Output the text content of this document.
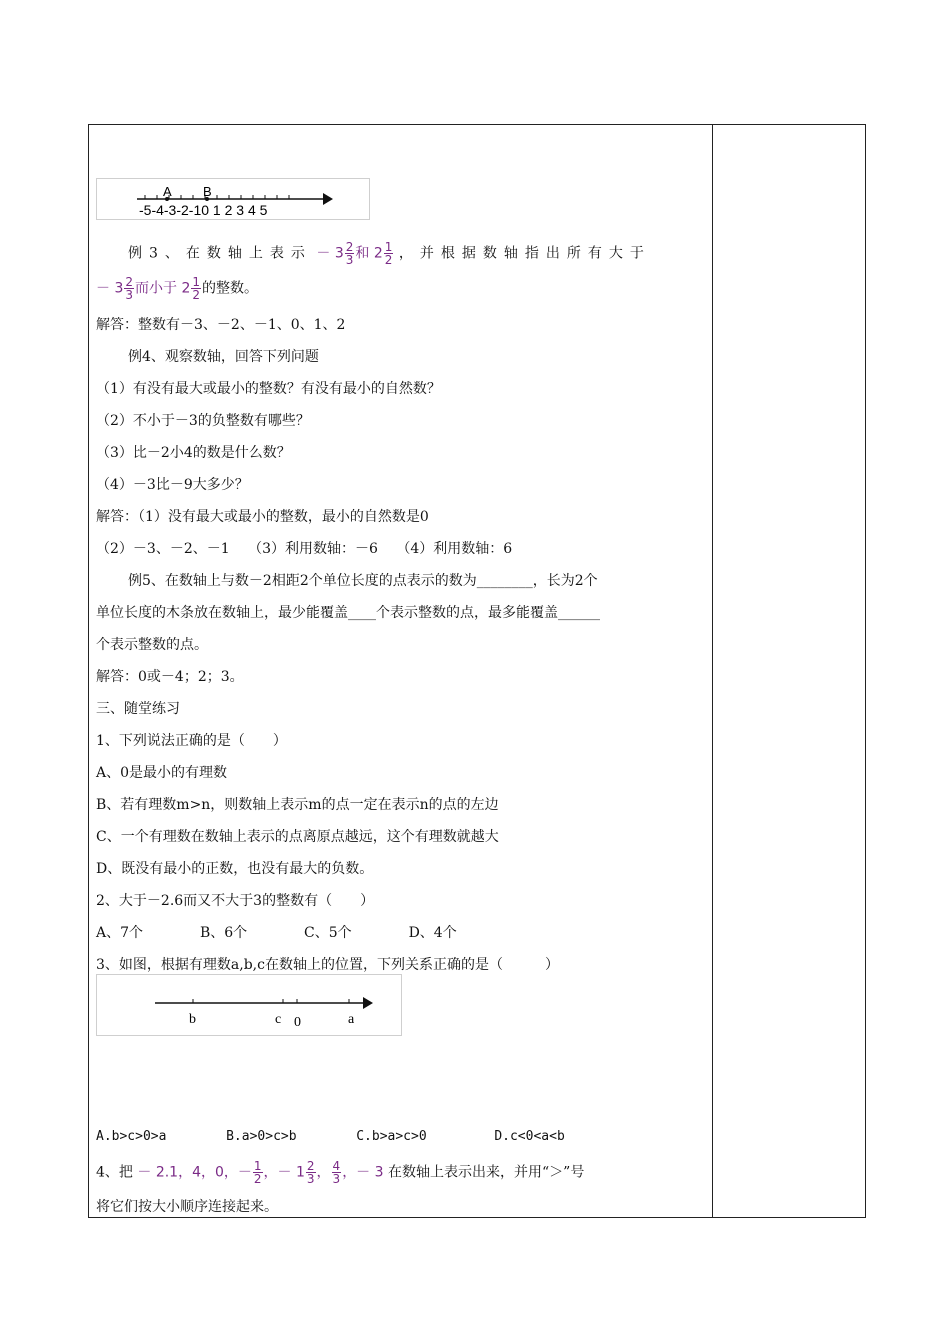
A B
-5-4-3-2-10 1 2 3 4 5
例3、在数轴上表示 － $3 \frac{2}{3}$ 和 $2 \frac{1}{2}$ ，并根据数轴指出所有大于
－ $3 \frac{2}{3}$ 而小于 $2 \frac{1}{2}$ 的整数。
解答：整数有－3、－2、－1、0、1、2
例4、观察数轴，回答下列问题
（1）有没有最大或最小的整数？有没有最小的自然数？
（2）不小于－3的负整数有哪些？
（3）比－2小4的数是什么数？
（4）－3比－9大多少？
解答：（1）没有最大或最小的整数，最小的自然数是0
（2）－3、－2、－1　 （3）利用数轴：－6　 （4）利用数轴：6
例5、在数轴上与数－2相距2个单位长度的点表示的数为________，长为2个
单位长度的木条放在数轴上，最少能覆盖____个表示整数的点，最多能覆盖______
个表示整数的点。
解答：0或－4；2；3。
三、随堂练习
1、下列说法正确的是（　　）
A、0是最小的有理数
B、若有理数m>n，则数轴上表示m的点一定在表示n的点的左边
C、一个有理数在数轴上表示的点离原点越远，这个有理数就越大
D、既没有最小的正数，也没有最大的负数。
2、大于－2.6而又不大于3的整数有（　　）
A、7个	B、6个	C、5个	D、4个
3、如图，根据有理数a,b,c在数轴上的位置，下列关系正确的是（　　　）
b	c 0	a
A.b>c>0>a	B.a>0>c>b	C.b>a>c>0	D.c<0<a<b
4、把 － 2.1，4，0，－ $\frac{1}{2}$ ，－ $1 \frac{2}{3}$ ， $\frac{4}{3}$ ，－ 3 在数轴上表示出来，并用“＞”号
将它们按大小顺序连接起来。
